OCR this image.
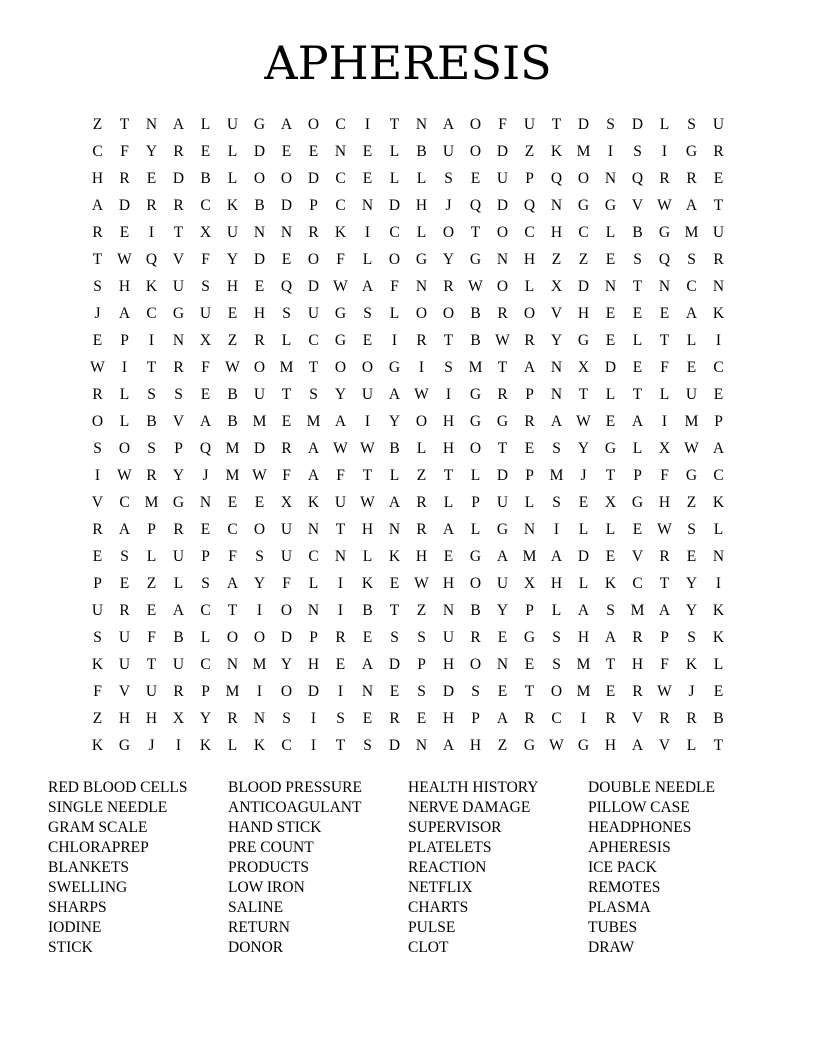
APHERESIS
Z	T	N	A	L	U	G	A	O	C	I	T	N	A	O	F	U	T	D	S	D	L	S	U
C	F	Y	R	E	L	D	E	E	N	E	L	B	U	O	D	Z	K M	I	S	I	G	R
H	R	E	D	B	L	O	O	D	C	E	L	L	S	E	U	P	Q	O	N	Q	R	R	E
A	D	R	R	C	K	B	D	P	C	N	D	H	J	Q	D	Q	N	G	G	V W A	T
R	E	I	T	X	U	N	N	R	K	I	C	L	O	T	O	C	H	C	L	B	G M U
T W Q	V	F	Y	D	E	O	F	L	O	G	Y	G	N	H	Z	Z	E	S	Q	S	R
S	H	K	U	S	H	E	Q	D W A	F	N	R W O	L	X	D	N	T	N	C	N
J	A	C	G	U	E	H	S	U	G	S	L	O	O	B	R	O	V	H	E	E	E	A	K
E	P	I	N	X	Z	R	L	C	G	E	I	R	T	B W R	Y	G	E	L	T	L	I
W	I	T	R	F W O M T	O	O	G	I	S	M T	A	N	X	D	E	F	E	C
R	L	S	S	E	B	U	T	S	Y	U	A W	I	G	R	P	N	T	L	T	L	U	E
O	L	B	V	A	B M E M A	I	Y	O	H	G	G	R	A W E	A	I	M	P
S	O	S	P	Q M D	R	A W W B	L	H	O	T	E	S	Y	G	L	X W A
I	W R	Y	J	M W F	A	F	T	L	Z	T	L	D	P	M	J	T	P	F	G	C
V	C M G	N	E	E	X	K	U W A	R	L	P	U	L	S	E	X	G	H	Z	K
R	A	P	R	E	C	O	U	N	T	H	N	R	A	L	G	N	I	L	L	E W S	L
E	S	L	U	P	F	S	U	C	N	L	K	H	E	G	A M A	D	E	V	R	E	N
P	E	Z	L	S	A	Y	F	L	I	K	E W H	O	U	X	H	L	K	C	T	Y	I
U	R	E	A	C	T	I	O	N	I	B	T	Z	N	B	Y	P	L	A	S	M A	Y	K
S	U	F	B	L	O	O	D	P	R	E	S	S	U	R	E	G	S	H	A	R	P	S	K
K	U	T	U	C	N M Y	H	E	A	D	P	H	O	N	E	S	M T	H	F	K	L
F	V	U	R	P	M	I	O	D	I	N	E	S	D	S	E	T	O M E	R W	J	E
Z	H	H	X	Y	R	N	S	I	S	E	R	E	H	P	A	R	C	I	R	V	R	R	B
K	G	J	I	K	L	K	C	I	T	S	D	N	A	H	Z	G W G	H	A	V	L	T
RED BLOOD CELLS
SINGLE NEEDLE
GRAM SCALE
CHLORAPREP
BLANKETS
SWELLING
SHARPS
IODINE
STICK
BLOOD PRESSURE
ANTICOAGULANT
HAND STICK
PRE COUNT
PRODUCTS
LOW IRON
SALINE
RETURN
DONOR
HEALTH HISTORY
NERVE DAMAGE
SUPERVISOR
PLATELETS
REACTION
NETFLIX
CHARTS
PULSE
CLOT
DOUBLE NEEDLE
PILLOW CASE
HEADPHONES
APHERESIS
ICE PACK
REMOTES
PLASMA
TUBES
DRAW
